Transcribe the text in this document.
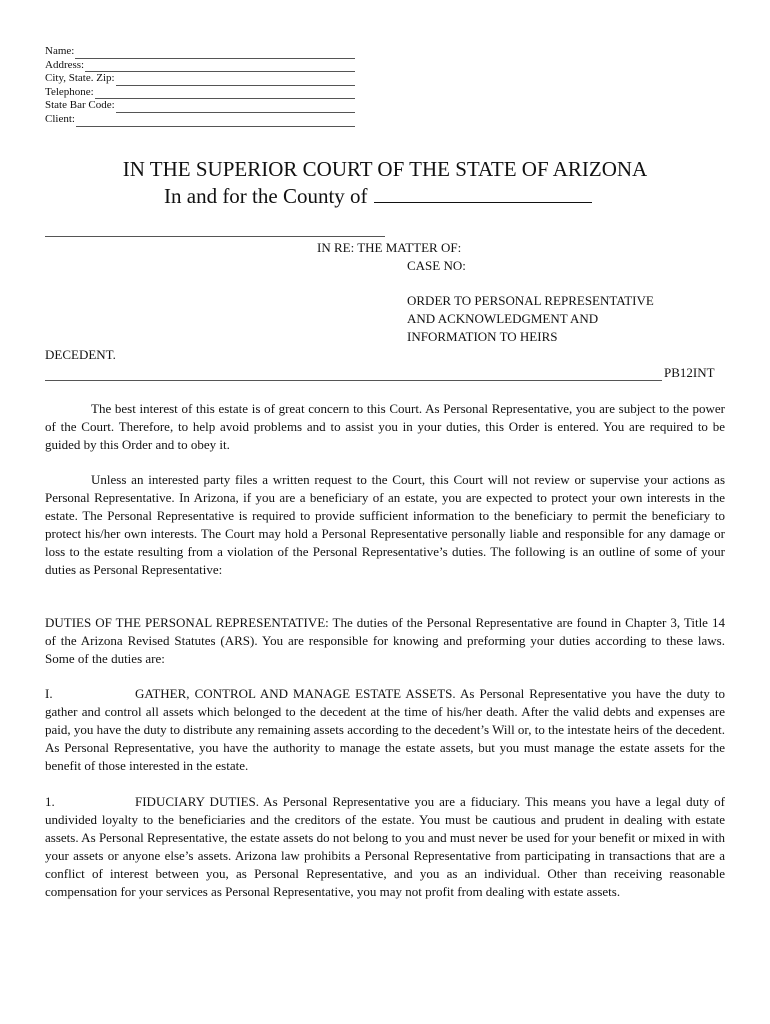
Name:
Address:
City, State. Zip:
Telephone:
State Bar Code:
Client:
IN THE SUPERIOR COURT OF THE STATE OF ARIZONA
In and for the County of
IN RE: THE MATTER OF:
CASE NO:
ORDER TO PERSONAL REPRESENTATIVE
AND ACKNOWLEDGMENT AND
INFORMATION TO HEIRS
DECEDENT.
PB12INT

The best interest of this estate is of great concern to this Court. As Personal Representative, you are subject to the power of the Court. Therefore, to help avoid problems and to assist you in your duties, this Order is entered. You are required to be guided by this Order and to obey it.

Unless an interested party files a written request to the Court, this Court will not review or supervise your actions as Personal Representative. In Arizona, if you are a beneficiary of an estate, you are expected to protect your own interests in the estate. The Personal Representative is required to provide sufficient information to the beneficiary to permit the beneficiary to protect his/her own interests. The Court may hold a Personal Representative personally liable and responsible for any damage or loss to the estate resulting from a violation of the Personal Representative’s duties. The following is an outline of some of your duties as Personal Representative:

DUTIES OF THE PERSONAL REPRESENTATIVE: The duties of the Personal Representative are found in Chapter 3, Title 14 of the Arizona Revised Statutes (ARS). You are responsible for knowing and preforming your duties according to these laws. Some of the duties are:

I.	GATHER, CONTROL AND MANAGE ESTATE ASSETS. As Personal Representative you have the duty to gather and control all assets which belonged to the decedent at the time of his/her death. After the valid debts and expenses are paid, you have the duty to distribute any remaining assets according to the decedent’s Will or, to the intestate heirs of the decedent. As Personal Representative, you have the authority to manage the estate assets, but you must manage the estate assets for the benefit of those interested in the estate.

1.	FIDUCIARY DUTIES. As Personal Representative you are a fiduciary. This means you have a legal duty of undivided loyalty to the beneficiaries and the creditors of the estate. You must be cautious and prudent in dealing with estate assets. As Personal Representative, the estate assets do not belong to you and must never be used for your benefit or mixed in with your assets or anyone else’s assets. Arizona law prohibits a Personal Representative from participating in transactions that are a conflict of interest between you, as Personal Representative, and you as an individual. Other than receiving reasonable compensation for your services as Personal Representative, you may not profit from dealing with estate assets.
